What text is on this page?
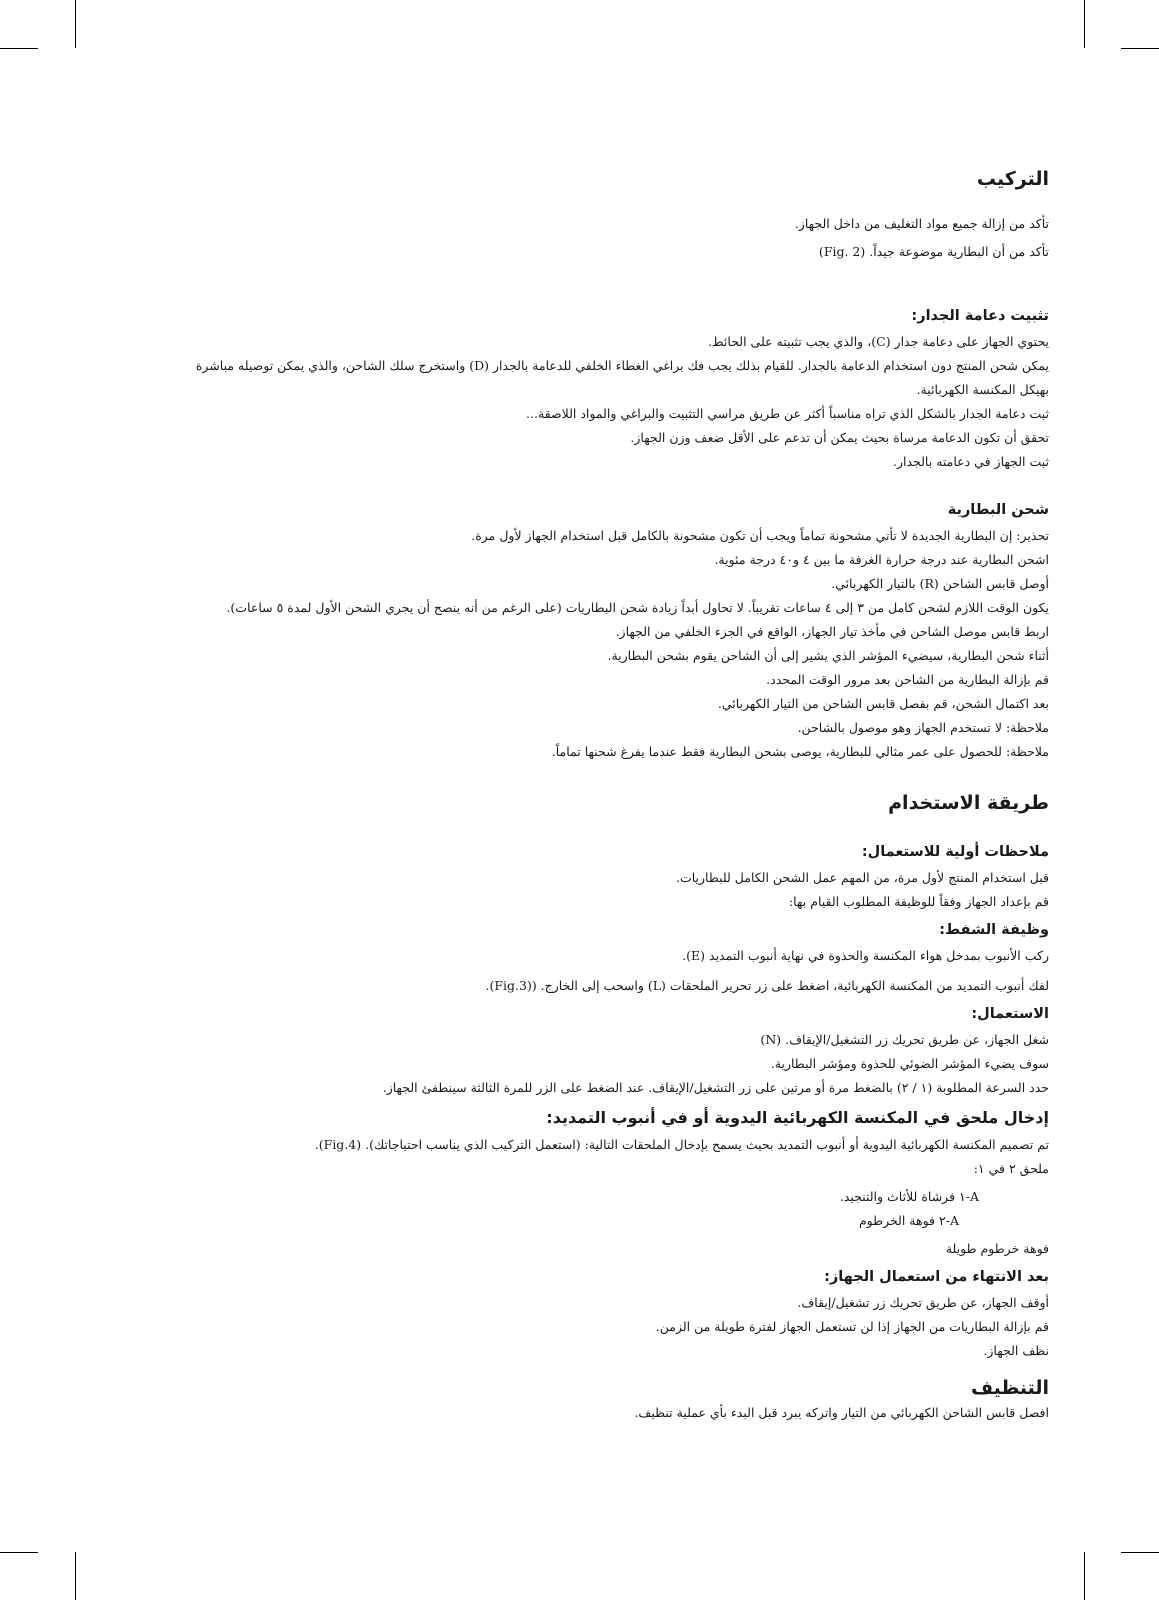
التركيب

تأكد من إزالة جميع مواد التغليف من داخل الجهاز.

تأكد من أن البطارية موضوعة جيداً. (Fig. 2)

تثبيت دعامة الجدار:

يحتوي الجهاز على دعامة جدار (C)، والذي يجب تثبيته على الحائط.

يمكن شحن المنتج دون استخدام الدعامة بالجدار. للقيام بذلك يجب فك براغي الغطاء الخلفي للدعامة بالجدار (D) واستخرج سلك الشاحن، والذي يمكن توصيله مباشرة بهيكل المكنسة الكهربائية.

ثبت دعامة الجدار بالشكل الذي تراه مناسباً أكثر عن طريق مراسي التثبيت والبراغي والمواد اللاصقة...

تحقق أن تكون الدعامة مرساة بحيث يمكن أن تدعم على الأقل ضعف وزن الجهاز.

ثبت الجهاز في دعامته بالجدار.

شحن البطارية

تحذير: إن البطارية الجديدة لا تأتي مشحونة تماماً ويجب أن تكون مشحونة بالكامل قبل استخدام الجهاز لأول مرة.

اشحن البطارية عند درجة حرارة الغرفة ما بين ٤ و٤٠ درجة مئوية.

أوصل قابس الشاحن (R) بالتيار الكهربائي.

يكون الوقت اللازم لشحن كامل من ٣ إلى ٤ ساعات تقريباً. لا تحاول أبداً زيادة شحن البطاريات (على الرغم من أنه ينصح أن يجري الشحن الأول لمدة ٥ ساعات).

اربط قابس موصل الشاحن في مأخذ تيار الجهاز، الواقع في الجزء الخلفي من الجهاز.

أثناء شحن البطارية، سيضيء المؤشر الذي يشير إلى أن الشاحن يقوم بشحن البطارية.

قم بإزالة البطارية من الشاحن بعد مرور الوقت المحدد.

بعد اكتمال الشحن، قم بفصل قابس الشاحن من التيار الكهربائي.

ملاحظة: لا تستخدم الجهاز وهو موصول بالشاحن.

ملاحظة: للحصول على عمر مثالي للبطارية، يوصى بشحن البطارية فقط عندما يفرغ شحنها تماماً.

طريقة الاستخدام
ملاحظات أولية للاستعمال:

قبل استخدام المنتج لأول مرة، من المهم عمل الشحن الكامل للبطاريات.

قم بإعداد الجهاز وفقاً للوظيفة المطلوب القيام بها:

وظيفة الشفط:

ركب الأنبوب بمدخل هواء المكنسة والحذوة في نهاية أنبوب التمديد (E).

لفك أنبوب التمديد من المكنسة الكهربائية، اضغط على زر تحرير الملحقات (L) واسحب إلى الخارج. ((Fig.3).

الاستعمال:

شغل الجهاز، عن طريق تحريك زر التشغيل/الإيقاف. (N)

سوف يضيء المؤشر الضوئي للحذوة ومؤشر البطارية.

حدد السرعة المطلوبة (١ / ٢) بالضغط مرة أو مرتين على زر التشغيل/الإيقاف. عند الضغط على الزر للمرة الثالثة سينطفئ الجهاز.

إدخال ملحق في المكنسة الكهربائية اليدوية أو في أنبوب التمديد:

تم تصميم المكنسة الكهربائية اليدوية أو أنبوب التمديد بحيث يسمح بإدخال الملحقات التالية: (استعمل التركيب الذي يناسب احتياجاتك). (Fig.4).

ملحق ٢ في ١:

A-١ فرشاة للأثاث والتنجيد.

A-٢ فوهة الخرطوم

فوهة خرطوم طويلة

بعد الانتهاء من استعمال الجهاز:

أوقف الجهاز، عن طريق تحريك زر تشغيل/إيقاف.

قم بإزالة البطاريات من الجهاز إذا لن تستعمل الجهاز لفترة طويلة من الزمن.

نظف الجهاز.

التنظيف

افصل قابس الشاحن الكهربائي من التيار واتركه يبرد قبل البدء بأي عملية تنظيف.
